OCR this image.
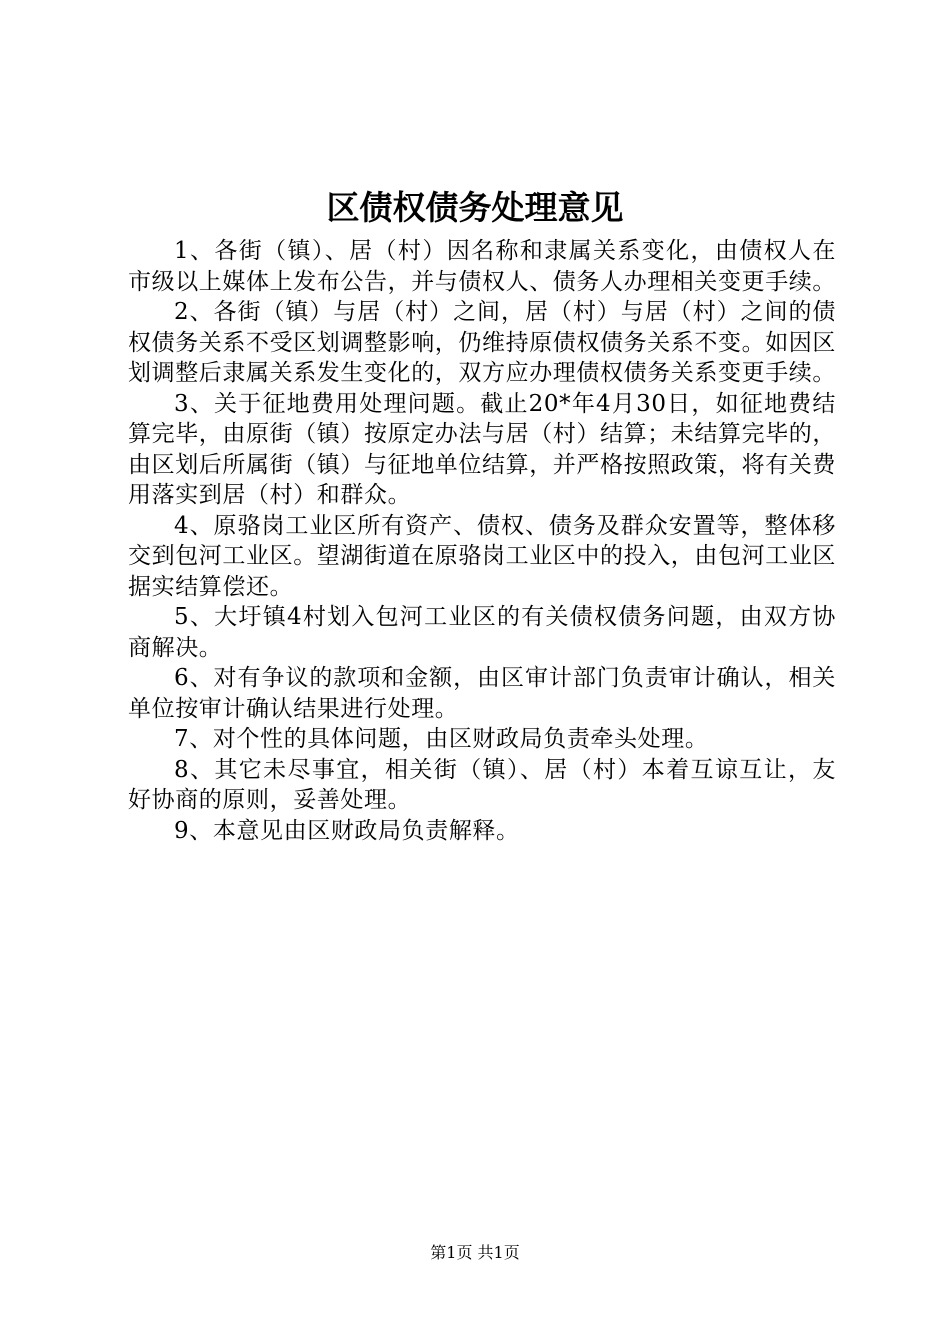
区债权债务处理意见

1、各街（镇）、居（村）因名称和隶属关系变化，由债权人在市级以上媒体上发布公告，并与债权人、债务人办理相关变更手续。

2、各街（镇）与居（村）之间，居（村）与居（村）之间的债权债务关系不受区划调整影响，仍维持原债权债务关系不变。如因区划调整后隶属关系发生变化的，双方应办理债权债务关系变更手续。

3、关于征地费用处理问题。截止20*年4月30日，如征地费结算完毕，由原街（镇）按原定办法与居（村）结算；未结算完毕的，由区划后所属街（镇）与征地单位结算，并严格按照政策，将有关费用落实到居（村）和群众。

4、原骆岗工业区所有资产、债权、债务及群众安置等，整体移交到包河工业区。望湖街道在原骆岗工业区中的投入，由包河工业区据实结算偿还。

5、大圩镇4村划入包河工业区的有关债权债务问题，由双方协商解决。

6、对有争议的款项和金额，由区审计部门负责审计确认，相关单位按审计确认结果进行处理。

7、对个性的具体问题，由区财政局负责牵头处理。

8、其它未尽事宜，相关街（镇）、居（村）本着互谅互让，友好协商的原则，妥善处理。

9、本意见由区财政局负责解释。

第1页 共1页
